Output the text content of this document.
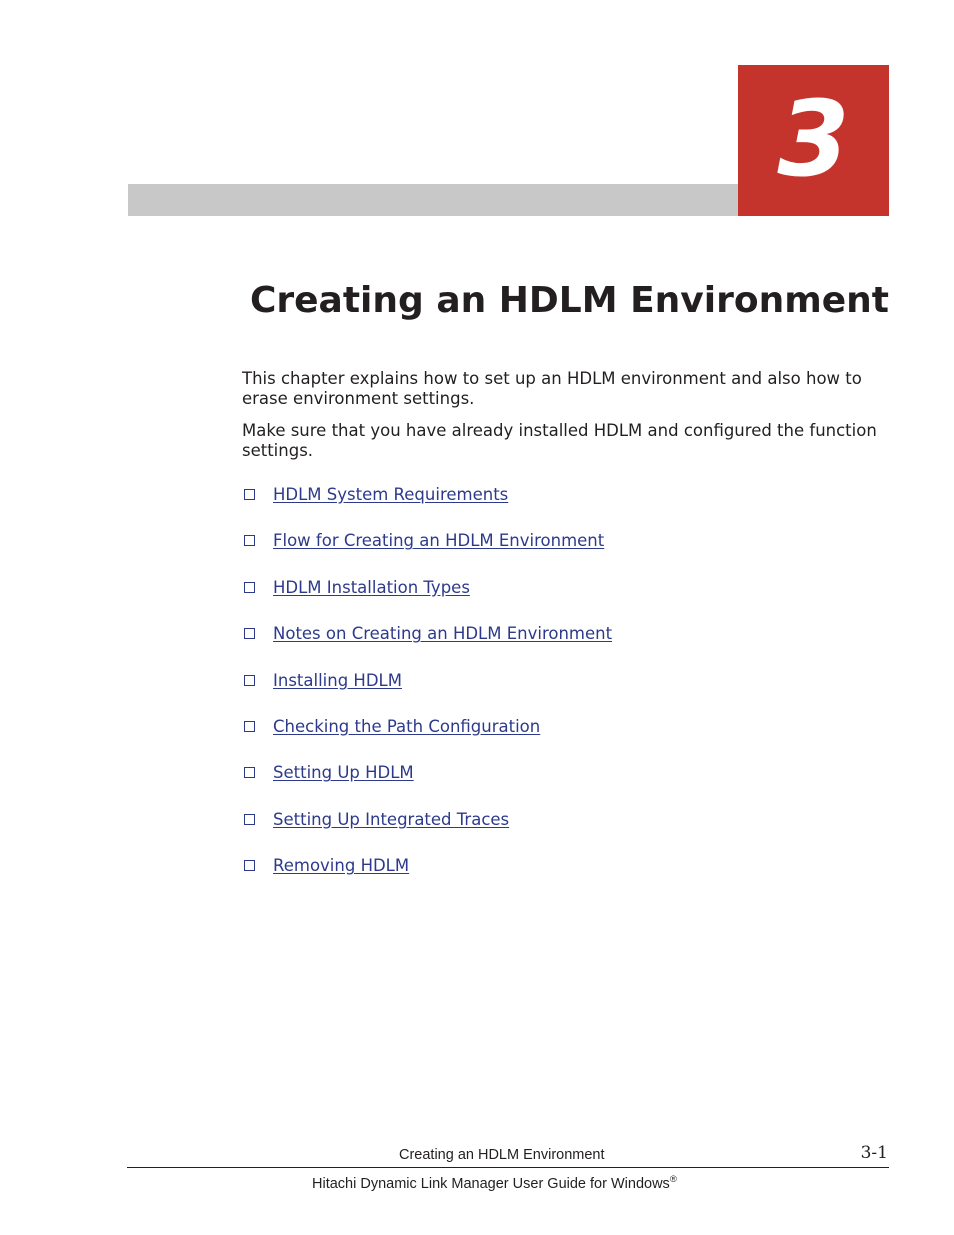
3
Creating an HDLM Environment

This chapter explains how to set up an HDLM environment and also how to erase environment settings.

Make sure that you have already installed HDLM and configured the function settings.

HDLM System Requirements
Flow for Creating an HDLM Environment
HDLM Installation Types
Notes on Creating an HDLM Environment
Installing HDLM
Checking the Path Configuration
Setting Up HDLM
Setting Up Integrated Traces
Removing HDLM
Creating an HDLM Environment	3-1
Hitachi Dynamic Link Manager User Guide for Windows®
